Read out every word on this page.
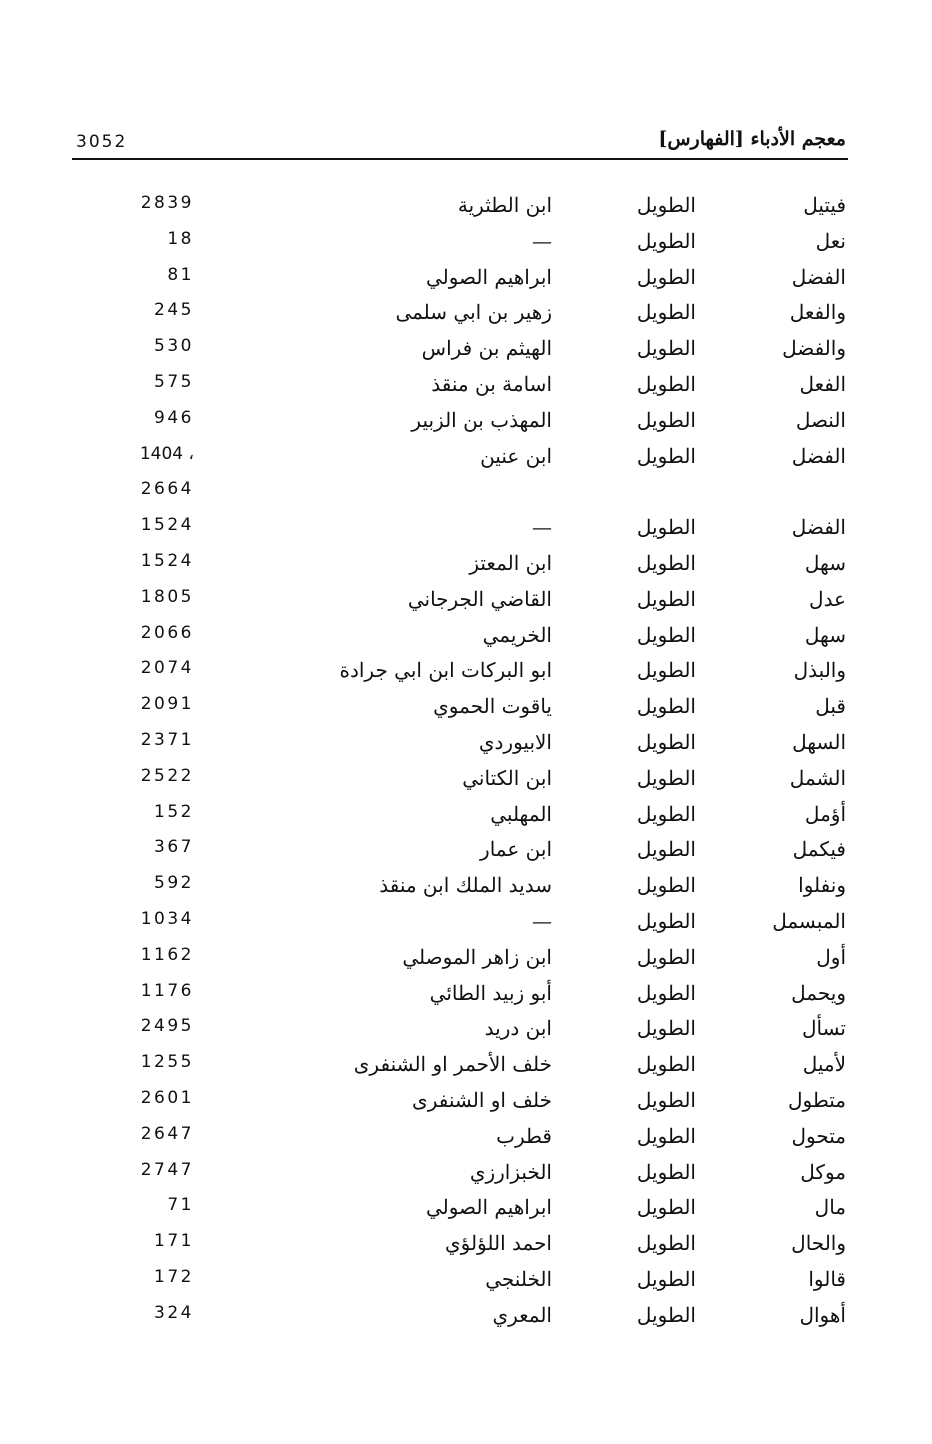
3052	معجم الأدباء [الفهارس]
فيتيل
الطويل
ابن الطثرية
2839
نعل
الطويل
—
18
الفضل
الطويل
ابراهيم الصولي
81
والفعل
الطويل
زهير بن ابي سلمى
245
والفضل
الطويل
الهيثم بن فراس
530
الفعل
الطويل
اسامة بن منقذ
575
النصل
الطويل
المهذب بن الزبير
946
الفضل
الطويل
ابن عنين
1404 ،
2664
الفضل
الطويل
—
1524
سهل
الطويل
ابن المعتز
1524
عدل
الطويل
القاضي الجرجاني
1805
سهل
الطويل
الخريمي
2066
والبذل
الطويل
ابو البركات ابن ابي جرادة
2074
قبل
الطويل
ياقوت الحموي
2091
السهل
الطويل
الابيوردي
2371
الشمل
الطويل
ابن الكتاني
2522
أؤمل
الطويل
المهلبي
152
فيكمل
الطويل
ابن عمار
367
ونفلوا
الطويل
سديد الملك ابن منقذ
592
المبسمل
الطويل
—
1034
أول
الطويل
ابن زاهر الموصلي
1162
ويحمل
الطويل
أبو زبيد الطائي
1176
تسأل
الطويل
ابن دريد
2495
لأميل
الطويل
خلف الأحمر او الشنفرى
1255
متطول
الطويل
خلف او الشنفرى
2601
متحول
الطويل
قطرب
2647
موكل
الطويل
الخبزارزي
2747
مال
الطويل
ابراهيم الصولي
71
والحال
الطويل
احمد اللؤلؤي
171
قالوا
الطويل
الخلنجي
172
أهوال
الطويل
المعري
324
